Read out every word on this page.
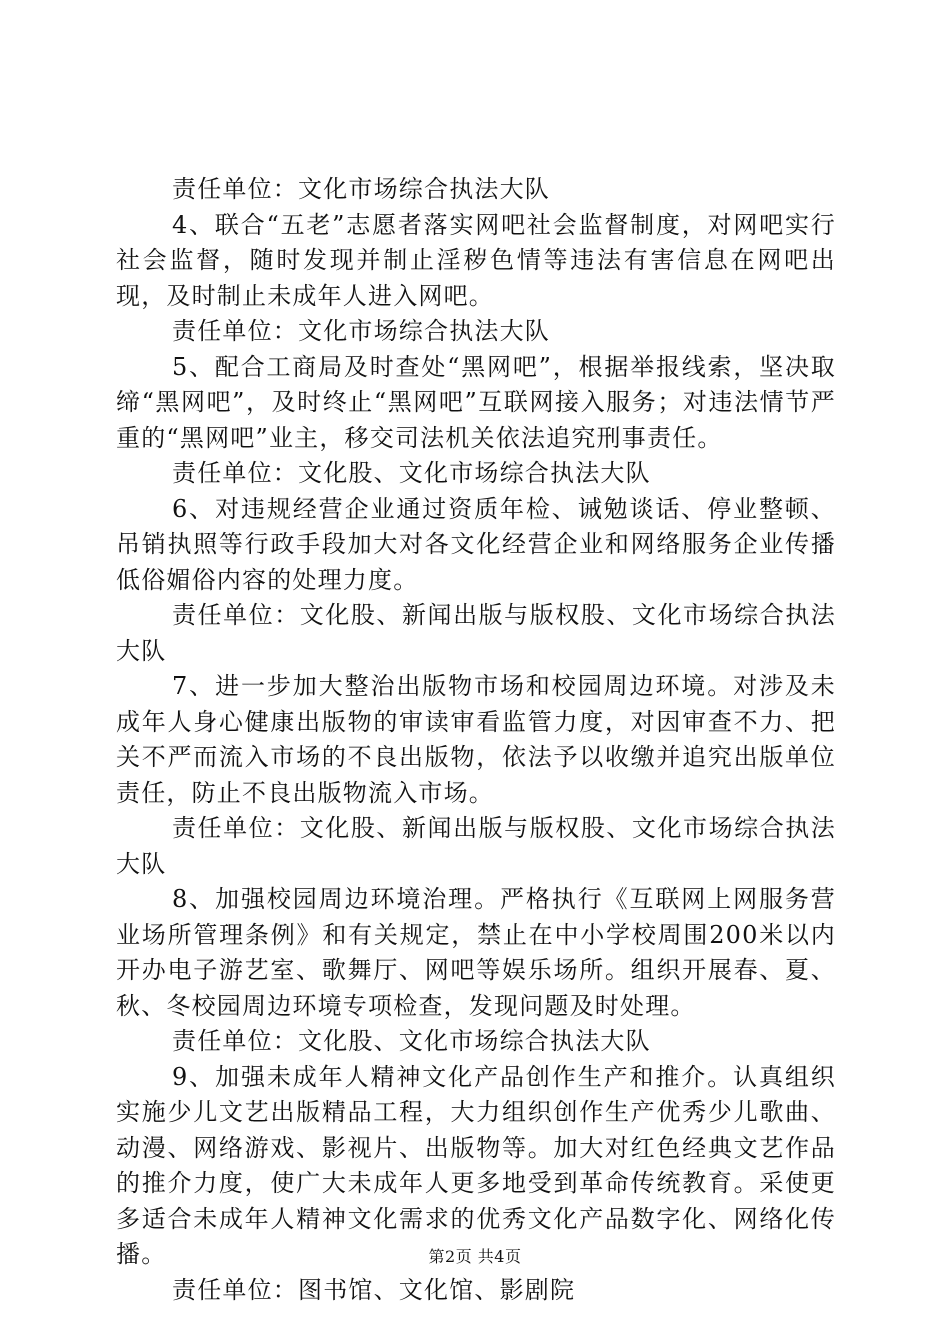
责任单位：文化市场综合执法大队

4、联合“五老”志愿者落实网吧社会监督制度，对网吧实行社会监督，随时发现并制止淫秽色情等违法有害信息在网吧出现，及时制止未成年人进入网吧。

责任单位：文化市场综合执法大队

5、配合工商局及时查处“黑网吧”，根据举报线索，坚决取缔“黑网吧”，及时终止“黑网吧”互联网接入服务；对违法情节严重的“黑网吧”业主，移交司法机关依法追究刑事责任。

责任单位：文化股、文化市场综合执法大队

6、对违规经营企业通过资质年检、诫勉谈话、停业整顿、吊销执照等行政手段加大对各文化经营企业和网络服务企业传播低俗媚俗内容的处理力度。

责任单位：文化股、新闻出版与版权股、文化市场综合执法大队

7、进一步加大整治出版物市场和校园周边环境。对涉及未成年人身心健康出版物的审读审看监管力度，对因审查不力、把关不严而流入市场的不良出版物，依法予以收缴并追究出版单位责任，防止不良出版物流入市场。

责任单位：文化股、新闻出版与版权股、文化市场综合执法大队

8、加强校园周边环境治理。严格执行《互联网上网服务营业场所管理条例》和有关规定，禁止在中小学校周围200米以内开办电子游艺室、歌舞厅、网吧等娱乐场所。组织开展春、夏、秋、冬校园周边环境专项检查，发现问题及时处理。

责任单位：文化股、文化市场综合执法大队

9、加强未成年人精神文化产品创作生产和推介。认真组织实施少儿文艺出版精品工程，大力组织创作生产优秀少儿歌曲、动漫、网络游戏、影视片、出版物等。加大对红色经典文艺作品的推介力度，使广大未成年人更多地受到革命传统教育。采使更多适合未成年人精神文化需求的优秀文化产品数字化、网络化传播。

责任单位：图书馆、文化馆、影剧院

第2页 共4页
